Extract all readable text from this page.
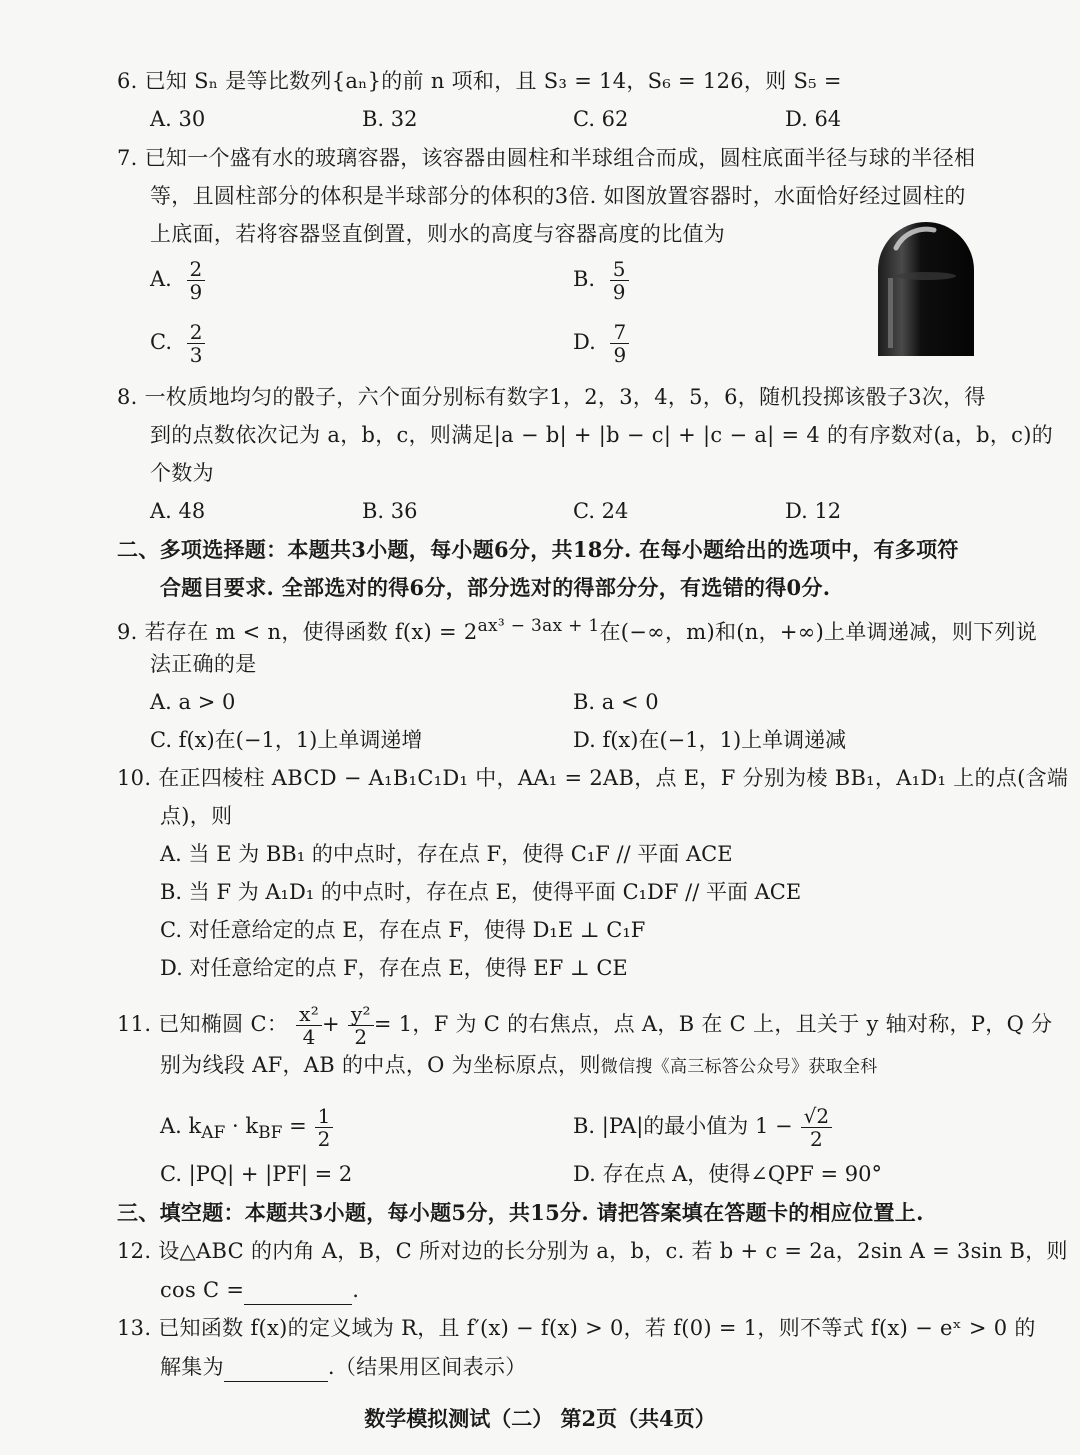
6. 已知 Sₙ 是等比数列{aₙ}的前 n 项和，且 S₃ = 14，S₆ = 126，则 S₅ =
A. 30	B. 32	C. 62	D. 64
7. 已知一个盛有水的玻璃容器，该容器由圆柱和半球组合而成，圆柱底面半径与球的半径相
等，且圆柱部分的体积是半球部分的体积的3倍. 如图放置容器时，水面恰好经过圆柱的
上底面，若将容器竖直倒置，则水的高度与容器高度的比值为
A. $\frac{2}{9}$	B. $\frac{5}{9}$
C. $\frac{2}{3}$	D. $\frac{7}{9}$
8. 一枚质地均匀的骰子，六个面分别标有数字1，2，3，4，5，6，随机投掷该骰子3次，得
到的点数依次记为 a，b，c，则满足|a − b| + |b − c| + |c − a| = 4 的有序数对(a，b，c)的
个数为
A. 48	B. 36	C. 24	D. 12
二、多项选择题：本题共3小题，每小题6分，共18分. 在每小题给出的选项中，有多项符
合题目要求. 全部选对的得6分，部分选对的得部分分，有选错的得0分.
9. 若存在 m < n，使得函数 $f(x) = 2^{ax^3 - 3ax + 1}$在(−∞，m)和(n，+∞)上单调递减，则下列说
法正确的是
A. a > 0	B. a < 0
C. f(x)在(−1，1)上单调递增	D. f(x)在(−1，1)上单调递减
10. 在正四棱柱 ABCD − A₁B₁C₁D₁ 中，AA₁ = 2AB，点 E，F 分别为棱 BB₁，A₁D₁ 上的点(含端
点)，则
A. 当 E 为 BB₁ 的中点时，存在点 F，使得 C₁F // 平面 ACE
B. 当 F 为 A₁D₁ 的中点时，存在点 E，使得平面 C₁DF // 平面 ACE
C. 对任意给定的点 E，存在点 F，使得 D₁E ⊥ C₁F
D. 对任意给定的点 F，存在点 E，使得 EF ⊥ CE
11. 已知椭圆 C： $\frac{\text{x²}}{4} + \frac{\text{y²}}{2} = 1$，F 为 C 的右焦点，点 A，B 在 C 上，且关于 y 轴对称，P，Q 分
别为线段 AF，AB 的中点，O 为坐标原点，则微信搜《高三标答公众号》获取全科
A. $k_{AF} \cdot k_{BF} = \frac{1}{2}$	B. |PA|的最小值为 $1 - \frac{√2}{2}$
C. |PQ| + |PF| = 2	D. 存在点 A，使得∠QPF = 90°
三、填空题：本题共3小题，每小题5分，共15分. 请把答案填在答题卡的相应位置上.
12. 设△ABC 的内角 A，B，C 所对边的长分别为 a，b，c. 若 b + c = 2a，2sin A = 3sin B，则
cos C =	.
13. 已知函数 f(x)的定义域为 R，且 f′(x) − f(x) > 0，若 f(0) = 1，则不等式 f(x) − eˣ > 0 的
解集为	.（结果用区间表示）
数学模拟测试（二） 第2页（共4页）
